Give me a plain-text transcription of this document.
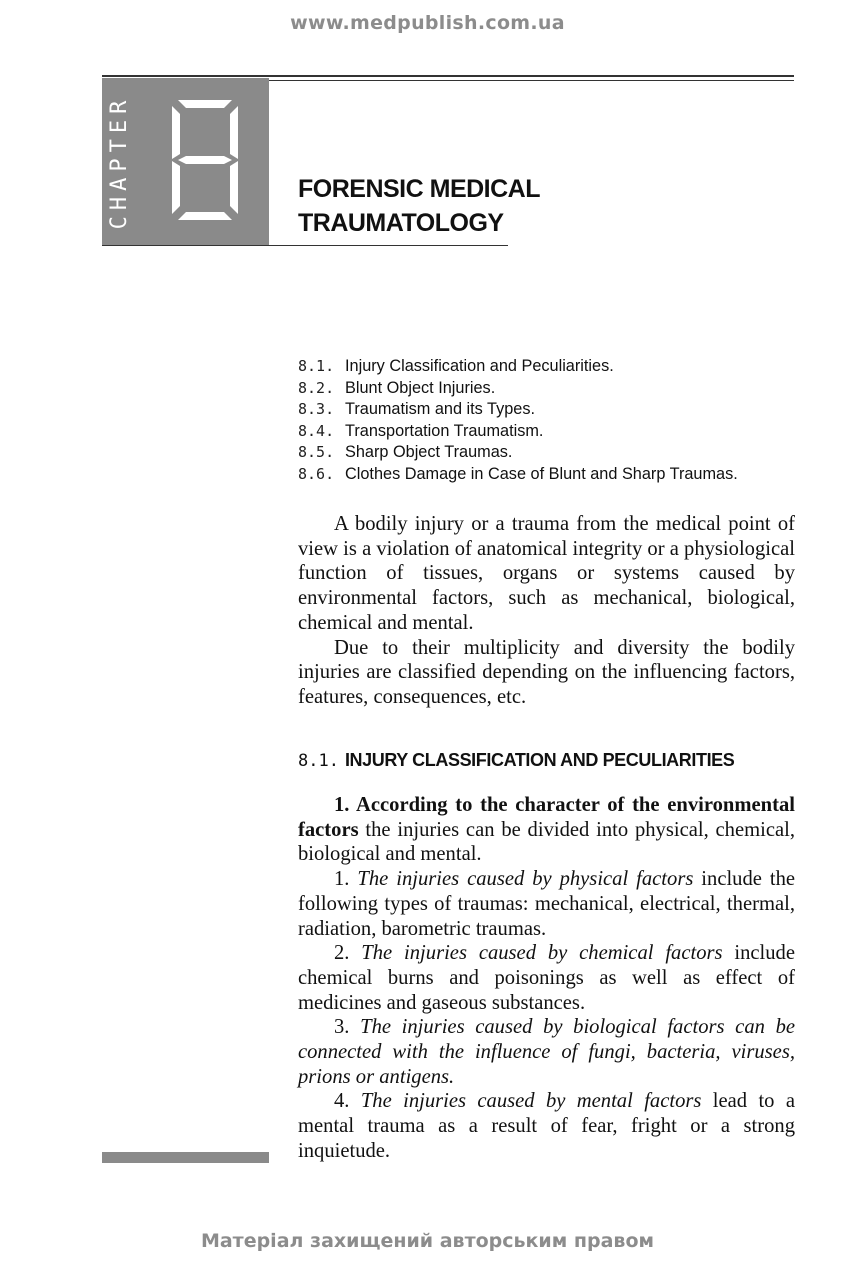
www.medpublish.com.ua
CHAPTER	FORENSIC MEDICAL
TRAUMATOLOGY
8.1. Injury Classification and Peculiarities.
8.2. Blunt Object Injuries.
8.3. Traumatism and its Types.
8.4. Transportation Traumatism.
8.5. Sharp Object Traumas.
8.6. Clothes Damage in Case of Blunt and Sharp Traumas.

A bodily injury or a trauma from the medical point of view is a violation of anatomical integrity or a physiological function of tissues, organs or systems caused by environmental factors, such as mechanical, biological, chemical and mental.

Due to their multiplicity and diversity the bodily injuries are classified depending on the influencing factors, features, consequences, etc.

8.1. INJURY CLASSIFICATION AND PECULIARITIES

1. According to the character of the environmental factors the injuries can be divided into physical, chemical, biological and mental.

1. The injuries caused by physical factors include the following types of traumas: mechanical, electrical, thermal, radiation, barometric traumas.

2. The injuries caused by chemical factors include chemical burns and poisonings as well as effect of medicines and gaseous substances.

3. The injuries caused by biological factors can be connected with the influence of fungi, bacteria, viruses, prions or antigens.

4. The injuries caused by mental factors lead to a mental trauma as a result of fear, fright or a strong inquietude.

Матеріал захищений авторським правом
